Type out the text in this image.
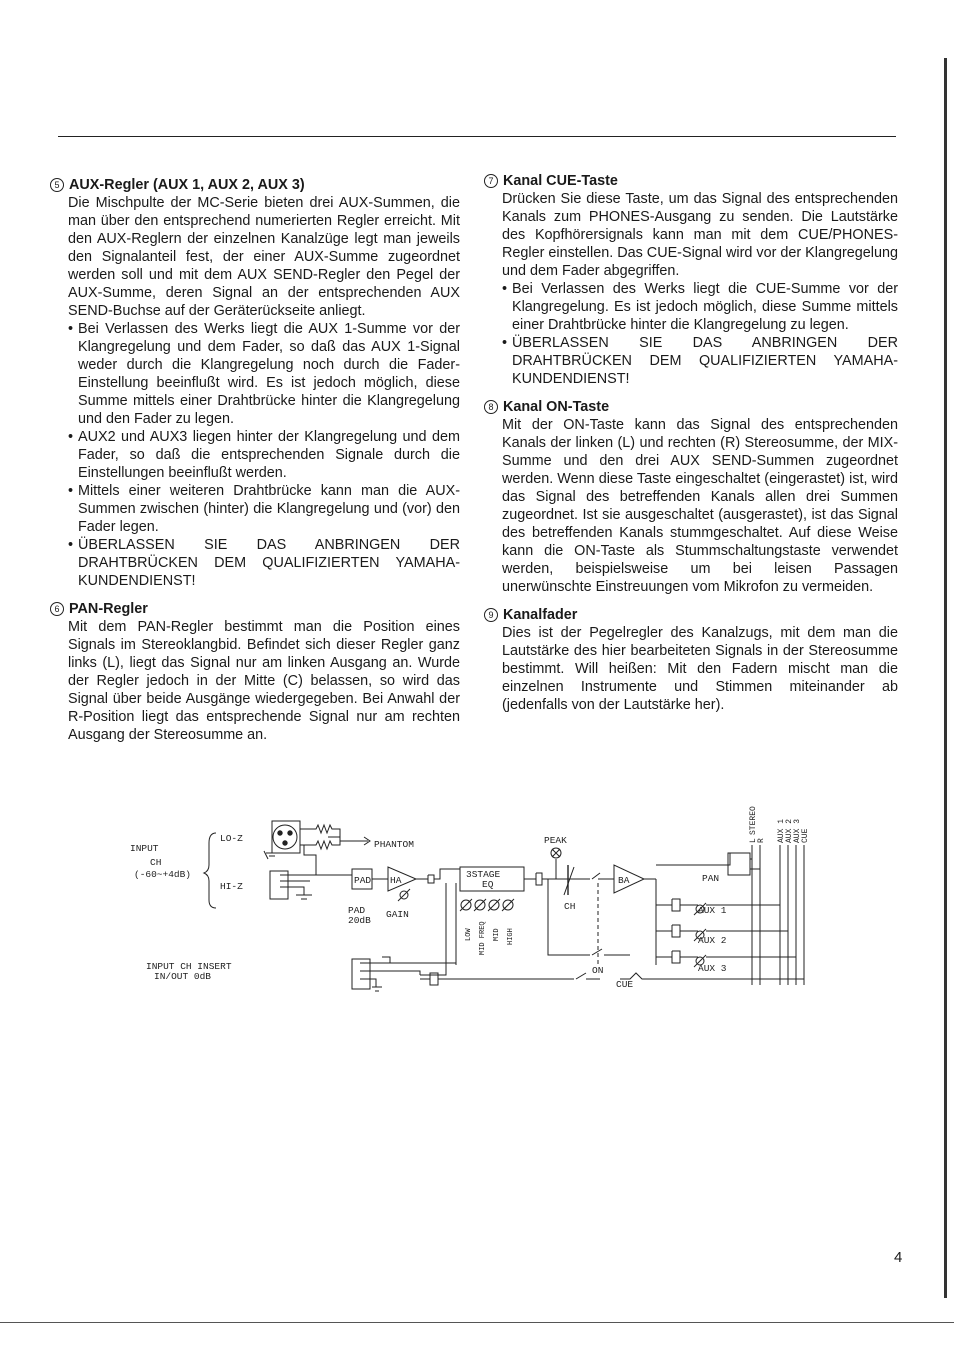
5 AUX-Regler (AUX 1, AUX 2, AUX 3)
Die Mischpulte der MC-Serie bieten drei AUX-Summen, die man über den entsprechend numerierten Regler erreicht. Mit den AUX-Reglern der einzelnen Kanalzüge legt man jeweils den Signalanteil fest, der einer AUX-Summe zugeordnet werden soll und mit dem AUX SEND-Regler den Pegel der AUX-Summe, deren Signal an der entsprechenden AUX SEND-Buchse auf der Geräterückseite anliegt.
• Bei Verlassen des Werks liegt die AUX 1-Summe vor der Klangregelung und dem Fader, so daß das AUX 1-Signal weder durch die Klangregelung noch durch die Fader-Einstellung beeinflußt wird. Es ist jedoch möglich, diese Summe mittels einer Drahtbrücke hinter die Klangregelung und den Fader zu legen.
• AUX2 und AUX3 liegen hinter der Klangregelung und dem Fader, so daß die entsprechenden Signale durch die Einstellungen beeinflußt werden.
• Mittels einer weiteren Drahtbrücke kann man die AUX-Summen zwischen (hinter) die Klangregelung und (vor) den Fader legen.
• ÜBERLASSEN SIE DAS ANBRINGEN DER DRAHTBRÜCKEN DEM QUALIFIZIERTEN YAMAHA-KUNDENDIENST!
6 PAN-Regler
Mit dem PAN-Regler bestimmt man die Position eines Signals im Stereoklangbid. Befindet sich dieser Regler ganz links (L), liegt das Signal nur am linken Ausgang an. Wurde der Regler jedoch in der Mitte (C) belassen, so wird das Signal über beide Ausgänge wiedergegeben. Bei Anwahl der R-Position liegt das entsprechende Signal nur am rechten Ausgang der Stereosumme an.
7 Kanal CUE-Taste
Drücken Sie diese Taste, um das Signal des entsprechenden Kanals zum PHONES-Ausgang zu senden. Die Lautstärke des Kopfhörersignals kann man mit dem CUE/PHONES-Regler einstellen. Das CUE-Signal wird vor der Klangregelung und dem Fader abgegriffen.
• Bei Verlassen des Werks liegt die CUE-Summe vor der Klangregelung. Es ist jedoch möglich, diese Summe mittels einer Drahtbrücke hinter die Klangregelung zu legen.
• ÜBERLASSEN SIE DAS ANBRINGEN DER DRAHTBRÜCKEN DEM QUALIFIZIERTEN YAMAHA-KUNDENDIENST!
8 Kanal ON-Taste
Mit der ON-Taste kann das Signal des entsprechenden Kanals der linken (L) und rechten (R) Stereosumme, der MIX-Summe und den drei AUX SEND-Summen zugeordnet werden. Wenn diese Taste eingeschaltet (eingerastet) ist, wird das Signal des betreffenden Kanals allen drei Summen zugeordnet. Ist sie ausgeschaltet (ausgerastet), ist das Signal des betreffenden Kanals stummgeschaltet. Auf diese Weise kann die ON-Taste als Stummschaltungstaste verwendet werden, beispielsweise um bei leisen Passagen unerwünschte Einstreuungen vom Mikrofon zu vermeiden.
9 Kanalfader
Dies ist der Pegelregler des Kanalzugs, mit dem man die Lautstärke des hier bearbeiteten Signals in der Stereosumme bestimmt. Will heißen: Mit den Fadern mischt man die einzelnen Instrumente und Stimmen miteinander ab (jedenfalls von der Lautstärke her).
INPUT
CH
(-60~+4dB)
LO-Z
HI-Z
PHANTOM
PAD
PAD
20dB
HA
GAIN
3STAGE
EQ
LOW MID FREQ MID HIGH
PEAK
CH
BA	PAN
AUX 1
AUX 2
AUX 3
ON
CUE
INPUT CH INSERT
IN/OUT 0dB
L
STEREO
R AUX 1 AUX 2 AUX 3 CUE
4
